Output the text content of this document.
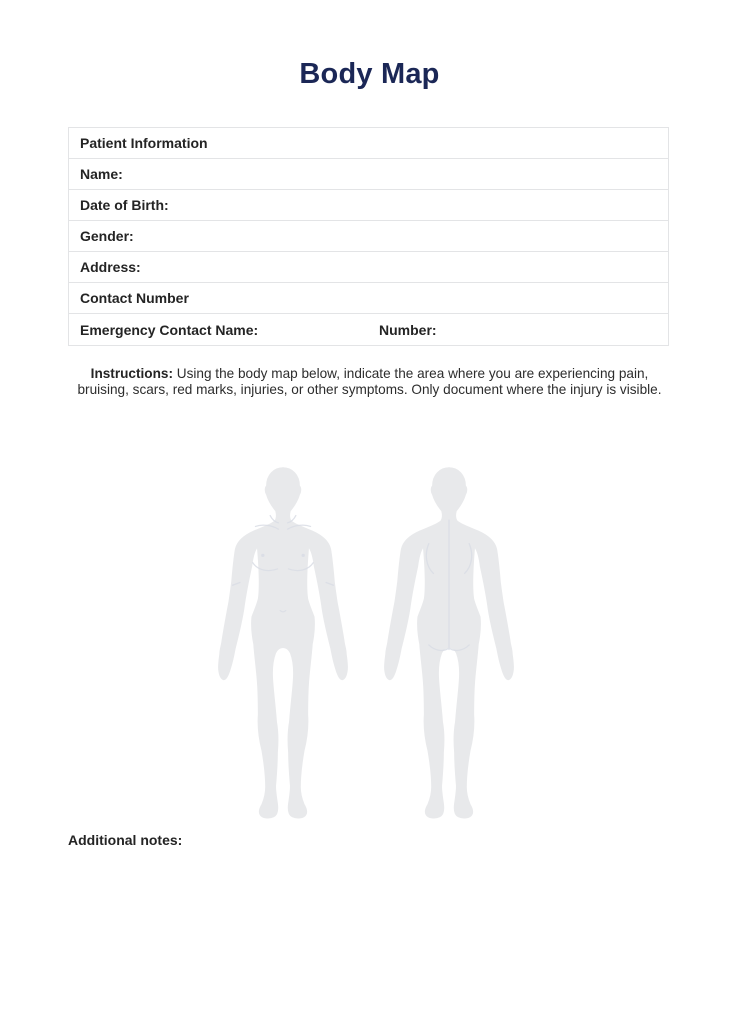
Body Map
Patient Information
Name:
Date of Birth:
Gender:
Address:
Contact Number
Emergency Contact Name:	Number:

Instructions: Using the body map below, indicate the area where you are experiencing pain, bruising, scars, red marks, injuries, or other symptoms. Only document where the injury is visible.

Additional notes:
